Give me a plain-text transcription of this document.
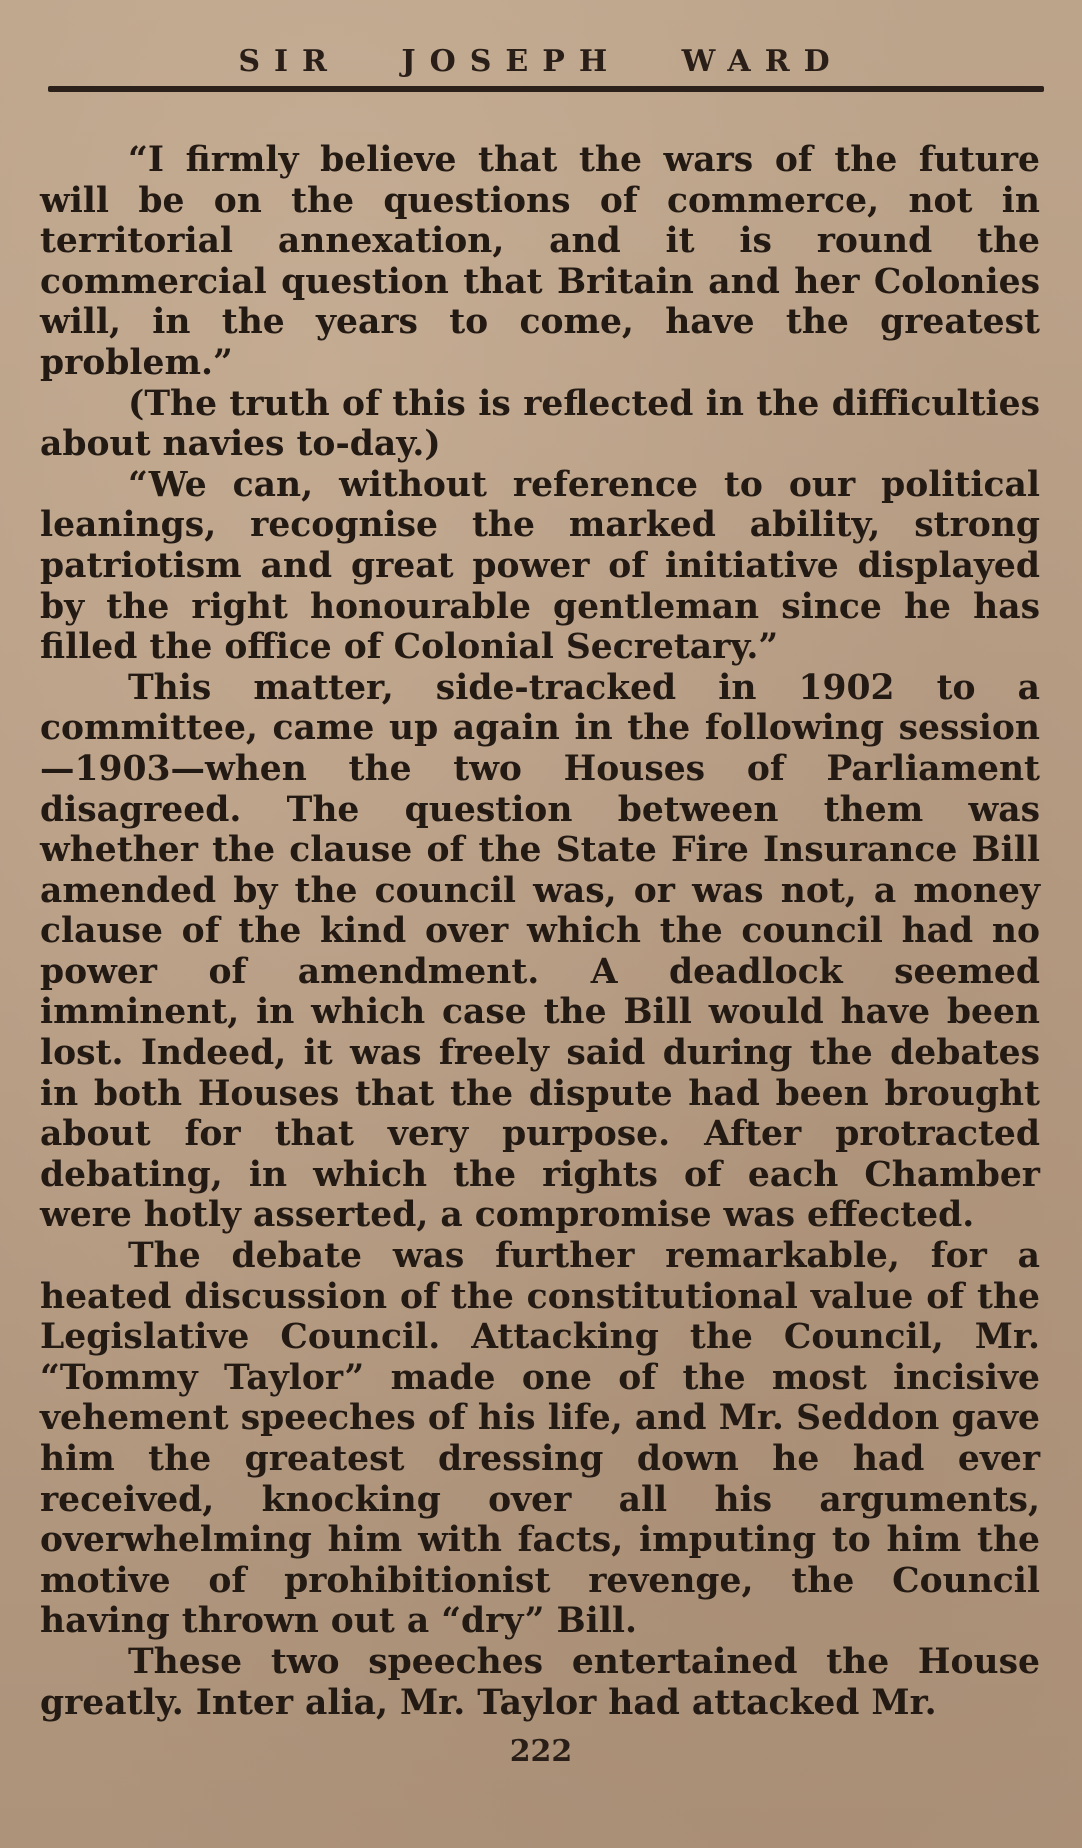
SIR JOSEPH WARD

“I firmly believe that the wars of the future will be on the questions of commerce, not in territorial annexation, and it is round the commercial question that Britain and her Colonies will, in the years to come, have the greatest problem.”

(The truth of this is reflected in the difficulties about navies to-day.)

“We can, without reference to our political leanings, recognise the marked ability, strong patriotism and great power of initiative displayed by the right honourable gentleman since he has filled the office of Colonial Secretary.”

This matter, side-tracked in 1902 to a committee, came up again in the following session—1903—when the two Houses of Parliament disagreed. The question between them was whether the clause of the State Fire Insurance Bill amended by the council was, or was not, a money clause of the kind over which the council had no power of amendment. A deadlock seemed imminent, in which case the Bill would have been lost. Indeed, it was freely said during the debates in both Houses that the dispute had been brought about for that very purpose. After protracted debating, in which the rights of each Chamber were hotly asserted, a compromise was effected.

The debate was further remarkable, for a heated discussion of the constitutional value of the Legislative Council. Attacking the Council, Mr. “Tommy Taylor” made one of the most incisive vehement speeches of his life, and Mr. Seddon gave him the greatest dressing down he had ever received, knocking over all his arguments, overwhelming him with facts, imputing to him the motive of prohibitionist revenge, the Council having thrown out a “dry” Bill.

These two speeches entertained the House greatly. Inter alia, Mr. Taylor had attacked Mr.

222
